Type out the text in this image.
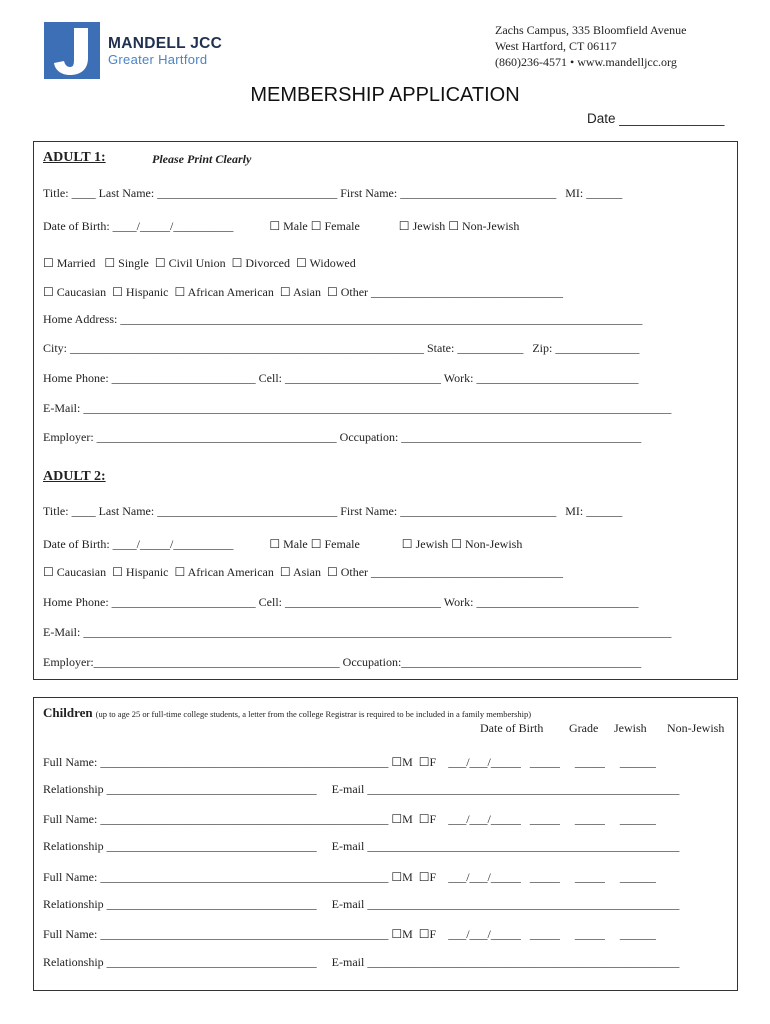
MANDELL JCC
Greater Hartford
Zachs Campus, 335 Bloomfield Avenue
West Hartford, CT 06117
(860)236-4571 • www.mandelljcc.org
MEMBERSHIP APPLICATION
Date ______________
ADULT 1:	Please Print Clearly
Title: ____ Last Name: ______________________________ First Name: __________________________   MI: ______
Date of Birth: ____/_____/__________            ☐ Male ☐ Female             ☐ Jewish ☐ Non-Jewish
☐ Married   ☐ Single  ☐ Civil Union  ☐ Divorced  ☐ Widowed
☐ Caucasian  ☐ Hispanic  ☐ African American  ☐ Asian  ☐ Other ________________________________
Home Address: _______________________________________________________________________________________
City: ___________________________________________________________ State: ___________   Zip: ______________
Home Phone: ________________________ Cell: __________________________ Work: ___________________________
E-Mail: __________________________________________________________________________________________________
Employer: ________________________________________ Occupation: ________________________________________
ADULT 2:
Title: ____ Last Name: ______________________________ First Name: __________________________   MI: ______
Date of Birth: ____/_____/__________            ☐ Male ☐ Female              ☐ Jewish ☐ Non-Jewish
☐ Caucasian  ☐ Hispanic  ☐ African American  ☐ Asian  ☐ Other ________________________________
Home Phone: ________________________ Cell: __________________________ Work: ___________________________
E-Mail: __________________________________________________________________________________________________
Employer:_________________________________________ Occupation:________________________________________
Children (up to age 25 or full-time college students, a letter from the college Registrar is required to be included in a family membership)
Date of Birth Grade Jewish Non-Jewish
Full Name: ________________________________________________ ☐M  ☐F    ___/___/_____   _____     _____     ______
Relationship ___________________________________     E-mail ____________________________________________________
Full Name: ________________________________________________ ☐M  ☐F    ___/___/_____   _____     _____     ______
Relationship ___________________________________     E-mail ____________________________________________________
Full Name: ________________________________________________ ☐M  ☐F    ___/___/_____   _____     _____     ______
Relationship ___________________________________     E-mail ____________________________________________________
Full Name: ________________________________________________ ☐M  ☐F    ___/___/_____   _____     _____     ______
Relationship ___________________________________     E-mail ____________________________________________________
